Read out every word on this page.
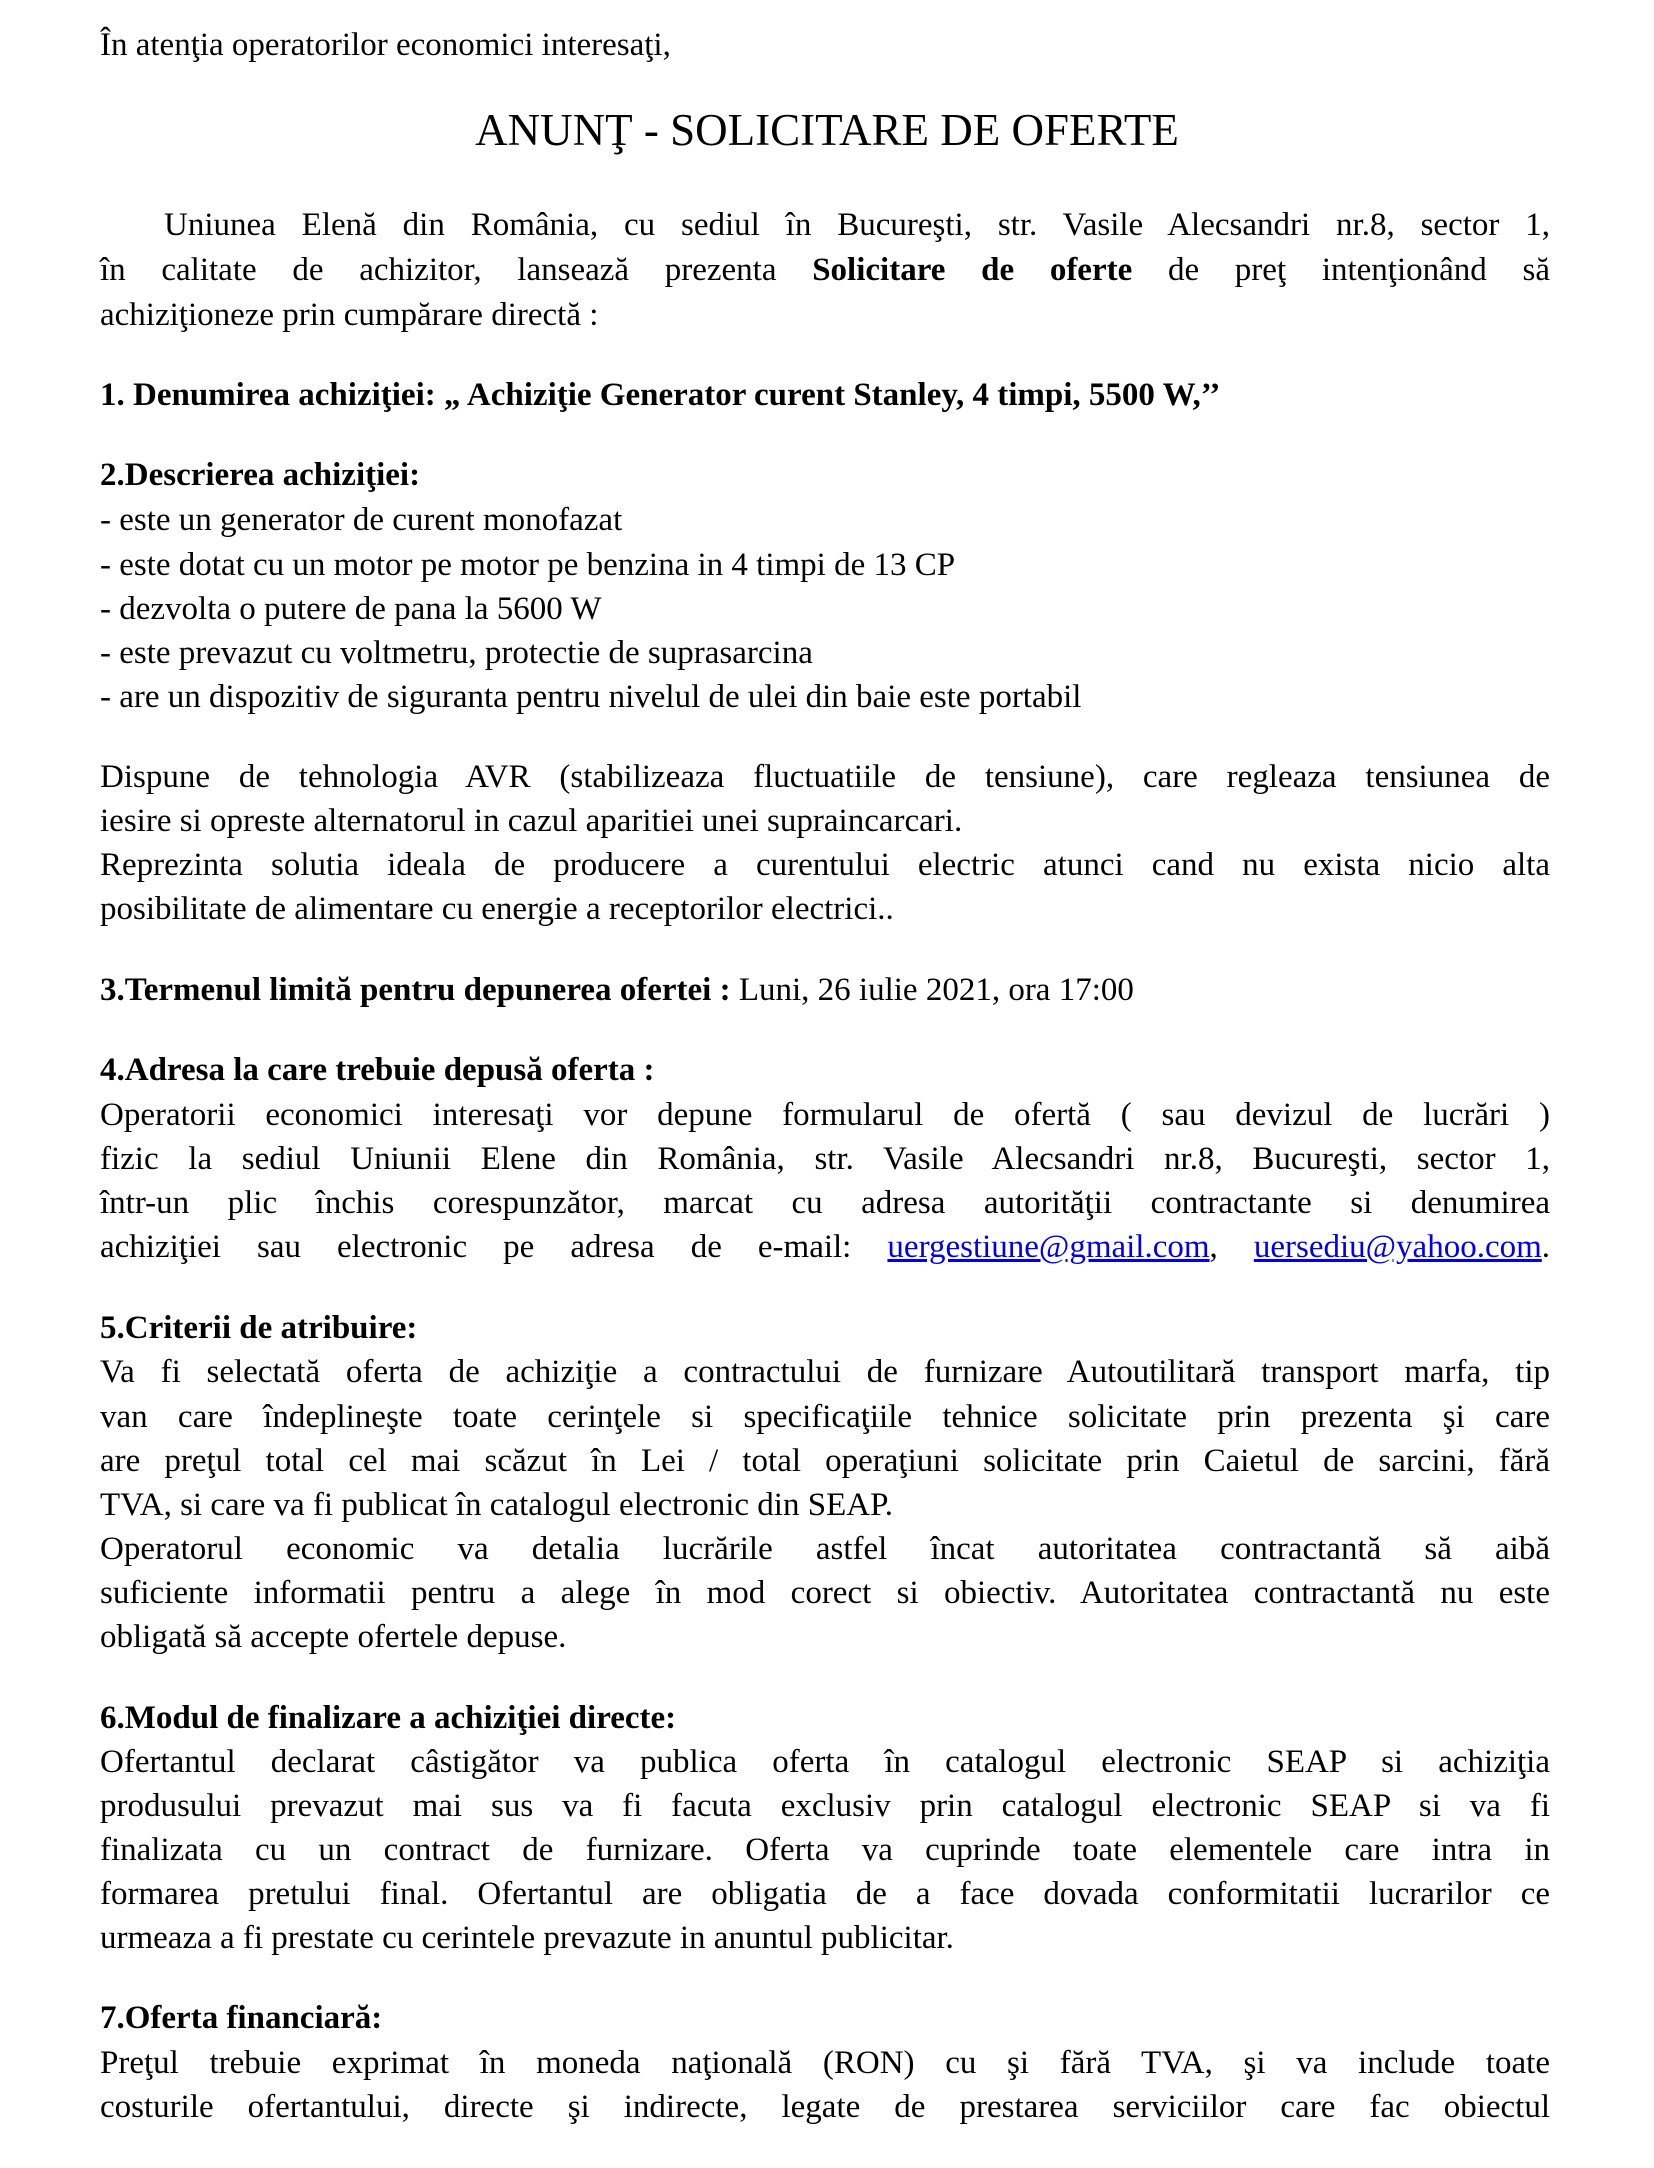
În atenţia operatorilor economici interesaţi,
ANUNŢ - SOLICITARE DE OFERTE
Uniunea Elenă din România, cu sediul în Bucureşti, str. Vasile Alecsandri nr.8, sector 1,
în calitate de achizitor, lansează prezenta Solicitare de oferte de preţ intenţionând să
achiziţioneze prin cumpărare directă :
1. Denumirea achiziţiei: „ Achiziţie Generator curent Stanley, 4 timpi, 5500 W,’’
2.Descrierea achiziţiei:
- este un generator de curent monofazat
- este dotat cu un motor pe motor pe benzina in 4 timpi de 13 CP
- dezvolta o putere de pana la 5600 W
- este prevazut cu voltmetru, protectie de suprasarcina
- are un dispozitiv de siguranta pentru nivelul de ulei din baie este portabil
Dispune de tehnologia AVR (stabilizeaza fluctuatiile de tensiune), care regleaza tensiunea de
iesire si opreste alternatorul in cazul aparitiei unei supraincarcari.
Reprezinta solutia ideala de producere a curentului electric atunci cand nu exista nicio alta
posibilitate de alimentare cu energie a receptorilor electrici..
3.Termenul limită pentru depunerea ofertei : Luni, 26 iulie 2021, ora 17:00
4.Adresa la care trebuie depusă oferta :
Operatorii economici interesaţi vor depune formularul de ofertă ( sau devizul de lucrări )
fizic la sediul Uniunii Elene din România, str. Vasile Alecsandri nr.8, Bucureşti, sector 1,
într-un plic închis corespunzător, marcat cu adresa autorităţii contractante si denumirea
achiziţiei sau electronic pe adresa de e-mail: uergestiune@gmail.com, uersediu@yahoo.com.
5.Criterii de atribuire:
Va fi selectată oferta de achiziţie a contractului de furnizare Autoutilitară transport marfa, tip
van care îndeplineşte toate cerinţele si specificaţiile tehnice solicitate prin prezenta şi care
are preţul total cel mai scăzut în Lei / total operaţiuni solicitate prin Caietul de sarcini, fără
TVA, si care va fi publicat în catalogul electronic din SEAP.
Operatorul economic va detalia lucrările astfel încat autoritatea contractantă să aibă
suficiente informatii pentru a alege în mod corect si obiectiv. Autoritatea contractantă nu este
obligată să accepte ofertele depuse.
6.Modul de finalizare a achiziţiei directe:
Ofertantul declarat câstigător va publica oferta în catalogul electronic SEAP si achiziţia
produsului prevazut mai sus va fi facuta exclusiv prin catalogul electronic SEAP si va fi
finalizata cu un contract de furnizare. Oferta va cuprinde toate elementele care intra in
formarea pretului final. Ofertantul are obligatia de a face dovada conformitatii lucrarilor ce
urmeaza a fi prestate cu cerintele prevazute in anuntul publicitar.
7.Oferta financiară:
Preţul trebuie exprimat în moneda naţională (RON) cu şi fără TVA, şi va include toate
costurile ofertantului, directe şi indirecte, legate de prestarea serviciilor care fac obiectul
